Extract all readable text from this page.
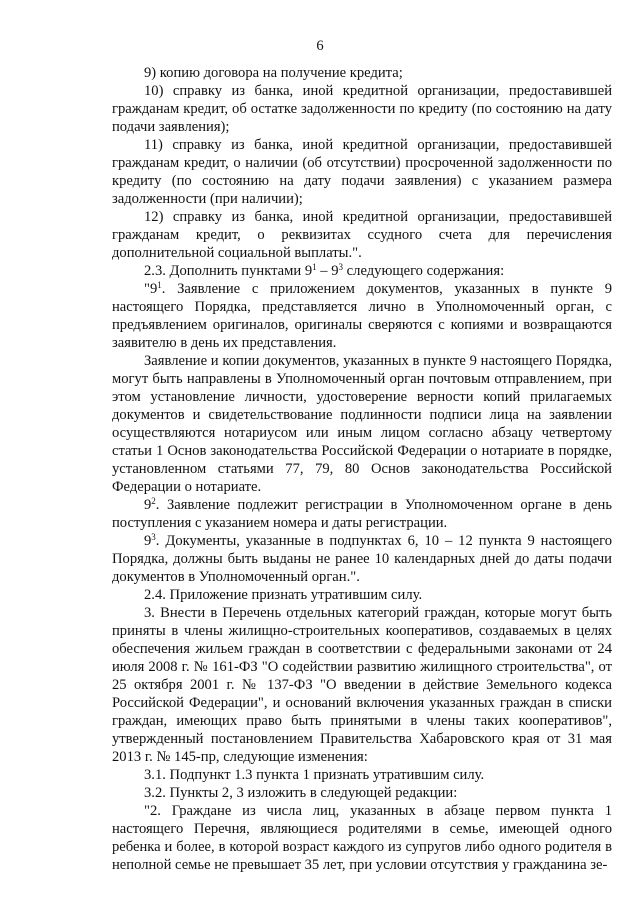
6

9) копию договора на получение кредита;

10) справку из банка, иной кредитной организации, предоставившей гражданам кредит, об остатке задолженности по кредиту (по состоянию на дату подачи заявления);

11) справку из банка, иной кредитной организации, предоставившей гражданам кредит, о наличии (об отсутствии) просроченной задолженности по кредиту (по состоянию на дату подачи заявления) с указанием размера задолженности (при наличии);

12) справку из банка, иной кредитной организации, предоставившей гражданам кредит, о реквизитах ссудного счета для перечисления дополнительной социальной выплаты.".

2.3. Дополнить пунктами $9^1 - 9^3$ следующего содержания:

"$9^1$. Заявление с приложением документов, указанных в пункте 9 настоящего Порядка, представляется лично в Уполномоченный орган, с предъявлением оригиналов, оригиналы сверяются с копиями и возвращаются заявителю в день их представления.

Заявление и копии документов, указанных в пункте 9 настоящего Порядка, могут быть направлены в Уполномоченный орган почтовым отправлением, при этом установление личности, удостоверение верности копий прилагаемых документов и свидетельствование подлинности подписи лица на заявлении осуществляются нотариусом или иным лицом согласно абзацу четвертому статьи 1 Основ законодательства Российской Федерации о нотариате в порядке, установленном статьями 77, 79, 80 Основ законодательства Российской Федерации о нотариате.

$9^2$. Заявление подлежит регистрации в Уполномоченном органе в день поступления с указанием номера и даты регистрации.

$9^3$. Документы, указанные в подпунктах 6, 10 – 12 пункта 9 настоящего Порядка, должны быть выданы не ранее 10 календарных дней до даты подачи документов в Уполномоченный орган.".

2.4. Приложение признать утратившим силу.

3. Внести в Перечень отдельных категорий граждан, которые могут быть приняты в члены жилищно-строительных кооперативов, создаваемых в целях обеспечения жильем граждан в соответствии с федеральными законами от 24 июля 2008 г. № 161-ФЗ "О содействии развитию жилищного строительства", от 25 октября 2001 г. № 137-ФЗ "О введении в действие Земельного кодекса Российской Федерации", и оснований включения указанных граждан в списки граждан, имеющих право быть принятыми в члены таких кооперативов", утвержденный постановлением Правительства Хабаровского края от 31 мая 2013 г. № 145-пр, следующие изменения:

3.1. Подпункт 1.3 пункта 1 признать утратившим силу.

3.2. Пункты 2, 3 изложить в следующей редакции:

"2. Граждане из числа лиц, указанных в абзаце первом пункта 1 настоящего Перечня, являющиеся родителями в семье, имеющей одного ребенка и более, в которой возраст каждого из супругов либо одного родителя в неполной семье не превышает 35 лет, при условии отсутствия у гражданина зе-
